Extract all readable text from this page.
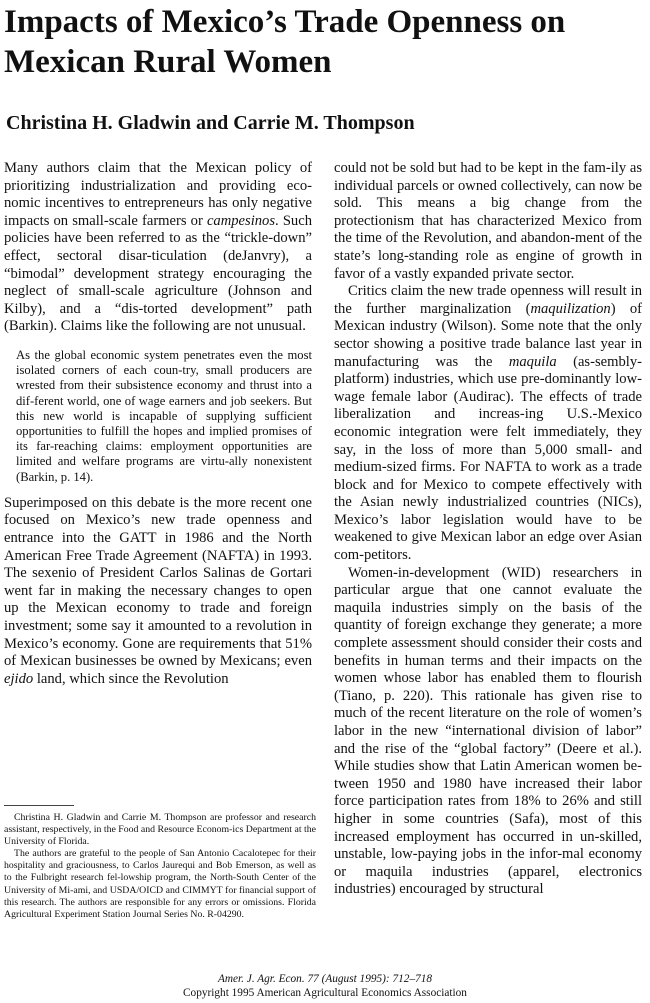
Impacts of Mexico’s Trade Openness on
Mexican Rural Women
Christina H. Gladwin and Carrie M. Thompson

Many authors claim that the Mexican policy of prioritizing industrialization and providing eco-nomic incentives to entrepreneurs has only negative impacts on small-scale farmers or campesinos. Such policies have been referred to as the “trickle-down” effect, sectoral disar-ticulation (deJanvry), a “bimodal” development strategy encouraging the neglect of small-scale agriculture (Johnson and Kilby), and a “dis-torted development” path (Barkin). Claims like the following are not unusual.

As the global economic system penetrates even the most isolated corners of each coun-try, small producers are wrested from their subsistence economy and thrust into a dif-ferent world, one of wage earners and job seekers. But this new world is incapable of supplying sufficient opportunities to fulfill the hopes and implied promises of its far-reaching claims: employment opportunities are limited and welfare programs are virtu-ally nonexistent (Barkin, p. 14).

Superimposed on this debate is the more recent one focused on Mexico’s new trade openness and entrance into the GATT in 1986 and the North American Free Trade Agreement (NAFTA) in 1993. The sexenio of President Carlos Salinas de Gortari went far in making the necessary changes to open up the Mexican economy to trade and foreign investment; some say it amounted to a revolution in Mexico’s economy. Gone are requirements that 51% of Mexican businesses be owned by Mexicans; even ejido land, which since the Revolution

Christina H. Gladwin and Carrie M. Thompson are professor and research assistant, respectively, in the Food and Resource Econom-ics Department at the University of Florida.

The authors are grateful to the people of San Antonio Cacalotepec for their hospitality and graciousness, to Carlos Jaurequi and Bob Emerson, as well as to the Fulbright research fel-lowship program, the North-South Center of the University of Mi-ami, and USDA/OICD and CIMMYT for financial support of this research. The authors are responsible for any errors or omissions. Florida Agricultural Experiment Station Journal Series No. R-04290.

could not be sold but had to be kept in the fam-ily as individual parcels or owned collectively, can now be sold. This means a big change from the protectionism that has characterized Mexico from the time of the Revolution, and abandon-ment of the state’s long-standing role as engine of growth in favor of a vastly expanded private sector.

Critics claim the new trade openness will result in the further marginalization (maquilization) of Mexican industry (Wilson). Some note that the only sector showing a positive trade balance last year in manufacturing was the maquila (as-sembly-platform) industries, which use pre-dominantly low-wage female labor (Audirac). The effects of trade liberalization and increas-ing U.S.-Mexico economic integration were felt immediately, they say, in the loss of more than 5,000 small- and medium-sized firms. For NAFTA to work as a trade block and for Mexico to compete effectively with the Asian newly industrialized countries (NICs), Mexico’s labor legislation would have to be weakened to give Mexican labor an edge over Asian com-petitors.

Women-in-development (WID) researchers in particular argue that one cannot evaluate the maquila industries simply on the basis of the quantity of foreign exchange they generate; a more complete assessment should consider their costs and benefits in human terms and their impacts on the women whose labor has enabled them to flourish (Tiano, p. 220). This rationale has given rise to much of the recent literature on the role of women’s labor in the new “international division of labor” and the rise of the “global factory” (Deere et al.). While studies show that Latin American women be-tween 1950 and 1980 have increased their labor force participation rates from 18% to 26% and still higher in some countries (Safa), most of this increased employment has occurred in un-skilled, unstable, low-paying jobs in the infor-mal economy or maquila industries (apparel, electronics industries) encouraged by structural

Amer. J. Agr. Econ. 77 (August 1995): 712–718
Copyright 1995 American Agricultural Economics Association
